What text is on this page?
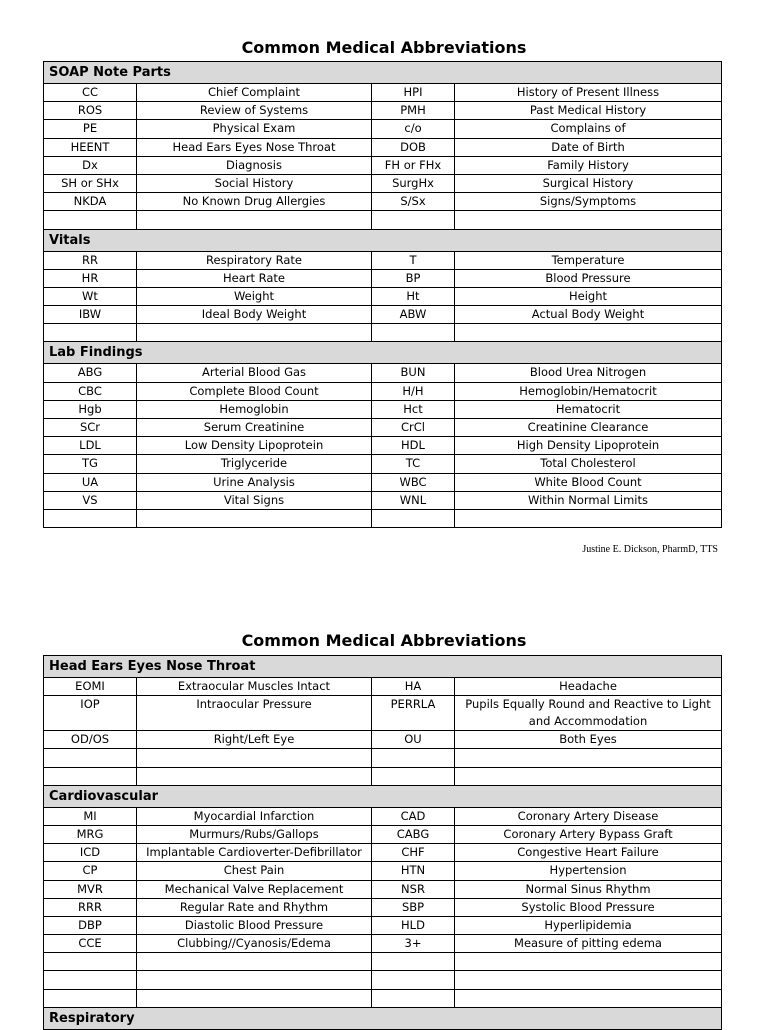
Common Medical Abbreviations
SOAP Note Parts			
CC	Chief Complaint	HPI	History of Present Illness
ROS	Review of Systems	PMH	Past Medical History
PE	Physical Exam	c/o	Complains of
HEENT	Head Ears Eyes Nose Throat	DOB	Date of Birth
Dx	Diagnosis	FH or FHx	Family History
SH or SHx	Social History	SurgHx	Surgical History
NKDA	No Known Drug Allergies	S/Sx	Signs/Symptoms

Vitals			
RR	Respiratory Rate	T	Temperature
HR	Heart Rate	BP	Blood Pressure
Wt	Weight	Ht	Height
IBW	Ideal Body Weight	ABW	Actual Body Weight

Lab Findings			
ABG	Arterial Blood Gas	BUN	Blood Urea Nitrogen
CBC	Complete Blood Count	H/H	Hemoglobin/Hematocrit
Hgb	Hemoglobin	Hct	Hematocrit
SCr	Serum Creatinine	CrCl	Creatinine Clearance
LDL	Low Density Lipoprotein	HDL	High Density Lipoprotein
TG	Triglyceride	TC	Total Cholesterol
UA	Urine Analysis	WBC	White Blood Count
VS	Vital Signs	WNL	Within Normal Limits

Justine E. Dickson, PharmD, TTS
Common Medical Abbreviations
Head Ears Eyes Nose Throat			
EOMI	Extraocular Muscles Intact	HA	Headache
IOP	Intraocular Pressure	PERRLA	Pupils Equally Round and Reactive to Light and Accommodation
OD/OS	Right/Left Eye	OU	Both Eyes

Cardiovascular			
MI	Myocardial Infarction	CAD	Coronary Artery Disease
MRG	Murmurs/Rubs/Gallops	CABG	Coronary Artery Bypass Graft
ICD	Implantable Cardioverter-Defibrillator	CHF	Congestive Heart Failure
CP	Chest Pain	HTN	Hypertension
MVR	Mechanical Valve Replacement	NSR	Normal Sinus Rhythm
RRR	Regular Rate and Rhythm	SBP	Systolic Blood Pressure
DBP	Diastolic Blood Pressure	HLD	Hyperlipidemia
CCE	Clubbing//Cyanosis/Edema	3+	Measure of pitting edema

Respiratory			
